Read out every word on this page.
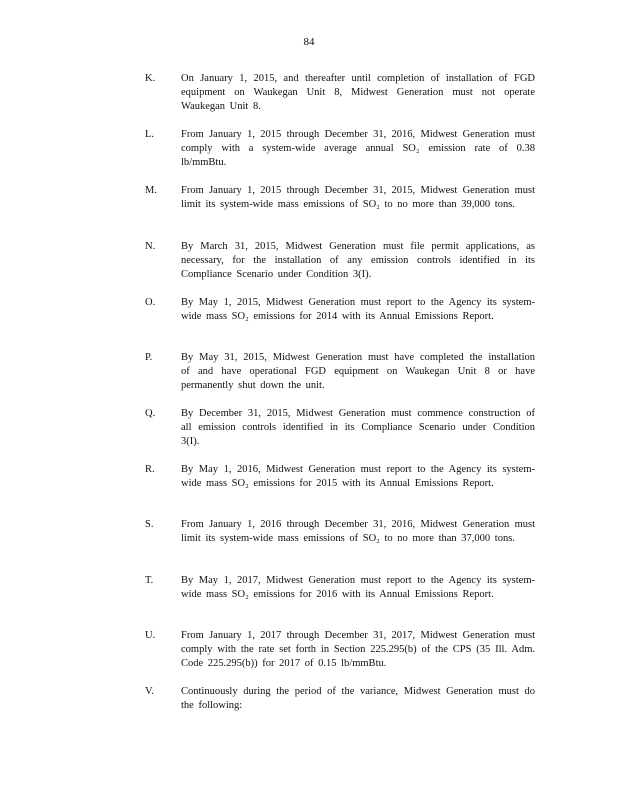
84
K. On January 1, 2015, and thereafter until completion of installation of FGD equipment on Waukegan Unit 8, Midwest Generation must not operate Waukegan Unit 8.
L.	From January 1, 2015 through December 31, 2016, Midwest Generation must comply with a system-wide average annual SO₂ emission rate of 0.38 lb/mmBtu.
M. From January 1, 2015 through December 31, 2015, Midwest Generation must limit its system-wide mass emissions of SO₂ to no more than 39,000 tons.
N. By March 31, 2015, Midwest Generation must file permit applications, as necessary, for the installation of any emission controls identified in its Compliance Scenario under Condition 3(I).
O. By May 1, 2015, Midwest Generation must report to the Agency its system-wide mass SO₂ emissions for 2014 with its Annual Emissions Report.
P.	By May 31, 2015, Midwest Generation must have completed the installation of and have operational FGD equipment on Waukegan Unit 8 or have permanently shut down the unit.
Q. By December 31, 2015, Midwest Generation must commence construction of all emission controls identified in its Compliance Scenario under Condition 3(I).
R.	By May 1, 2016, Midwest Generation must report to the Agency its system-wide mass SO₂ emissions for 2015 with its Annual Emissions Report.
S.	From January 1, 2016 through December 31, 2016, Midwest Generation must limit its system-wide mass emissions of SO₂ to no more than 37,000 tons.
T.	By May 1, 2017, Midwest Generation must report to the Agency its system-wide mass SO₂ emissions for 2016 with its Annual Emissions Report.
U. From January 1, 2017 through December 31, 2017, Midwest Generation must comply with the rate set forth in Section 225.295(b) of the CPS (35 Ill. Adm. Code 225.295(b)) for 2017 of 0.15 lb/mmBtu.
V.	Continuously during the period of the variance, Midwest Generation must do the following:
